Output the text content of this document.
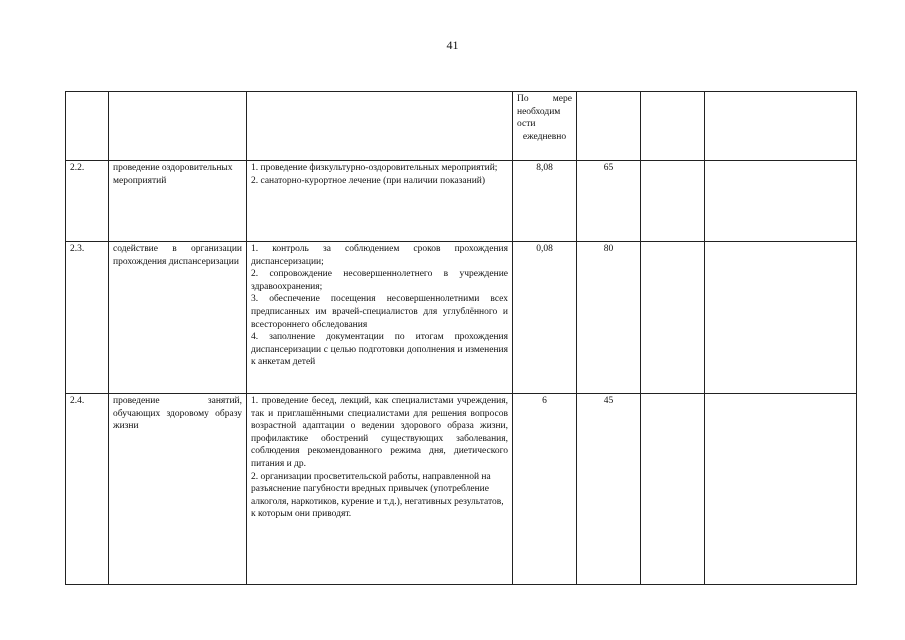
41

			По мере необходим ости
ежедневно			

2.2.	проведение оздоровительных мероприятий	1. проведение физкультурно-оздоровительных мероприятий;
2. санаторно-курортное лечение (при наличии показаний)	8,08	65		
2.3.	содействие в организации прохождения диспансеризации	1. контроль за соблюдением сроков прохождения диспансеризации;
2. сопровождение несовершеннолетнего в учреждение здравоохранения;
3. обеспечение посещения несовершеннолетними всех предписанных им врачей-специалистов для углублённого и всестороннего обследования
4. заполнение документации по итогам прохождения диспансеризации с целью подготовки дополнения и изменения к анкетам детей	0,08	80		
2.4.	проведение занятий, обучающих здоровому образу жизни	1. проведение бесед, лекций, как специалистами учреждения, так и приглашёнными специалистами для решения вопросов возрастной адаптации о ведении здорового образа жизни, профилактике обострений существующих заболевания, соблюдения рекомендованного режима дня, диетического питания и др.
2. организации просветительской работы, направленной на разъяснение пагубности вредных привычек (употребление алкоголя, наркотиков, курение и т.д.), негативных результатов, к которым они приводят.	6	45		
